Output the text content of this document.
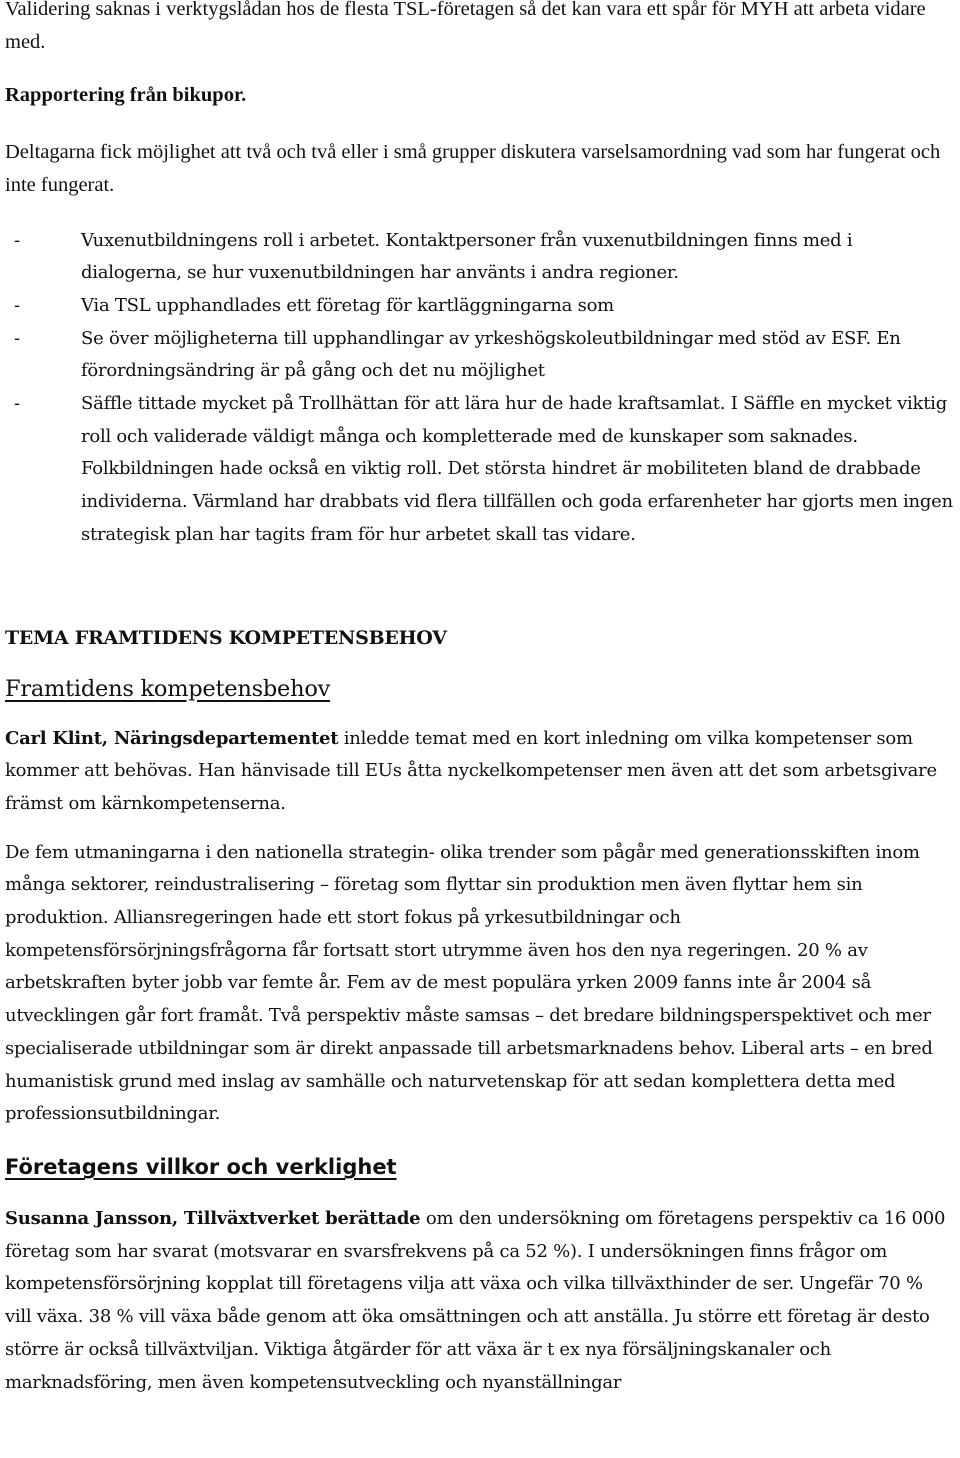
Validering saknas i verktygslådan hos de flesta TSL-företagen så det kan vara ett spår för MYH att arbeta vidare med.

Rapportering från bikupor.

Deltagarna fick möjlighet att två och två eller i små grupper diskutera varselsamordning vad som har fungerat och inte fungerat.

-	Vuxenutbildningens roll i arbetet. Kontaktpersoner från vuxenutbildningen finns med i dialogerna, se hur vuxenutbildningen har använts i andra regioner.
-	Via TSL upphandlades ett företag för kartläggningarna som
-	Se över möjligheterna till upphandlingar av yrkeshögskoleutbildningar med stöd av ESF. En förordningsändring är på gång och det nu möjlighet
-	Säffle tittade mycket på Trollhättan för att lära hur de hade kraftsamlat. I Säffle en mycket viktig roll och validerade väldigt många och kompletterade med de kunskaper som saknades. Folkbildningen hade också en viktig roll. Det största hindret är mobiliteten bland de drabbade individerna. Värmland har drabbats vid flera tillfällen och goda erfarenheter har gjorts men ingen strategisk plan har tagits fram för hur arbetet skall tas vidare.

TEMA FRAMTIDENS KOMPETENSBEHOV

Framtidens kompetensbehov

Carl Klint, Näringsdepartementet inledde temat med en kort inledning om vilka kompetenser som kommer att behövas. Han hänvisade till EUs åtta nyckelkompetenser men även att det som arbetsgivare främst om kärnkompetenserna.

De fem utmaningarna i den nationella strategin- olika trender som pågår med generationsskiften inom många sektorer, reindustralisering – företag som flyttar sin produktion men även flyttar hem sin produktion. Alliansregeringen hade ett stort fokus på yrkesutbildningar och kompetensförsörjningsfrågorna får fortsatt stort utrymme även hos den nya regeringen. 20 % av arbetskraften byter jobb var femte år. Fem av de mest populära yrken 2009 fanns inte år 2004 så utvecklingen går fort framåt. Två perspektiv måste samsas – det bredare bildningsperspektivet och mer specialiserade utbildningar som är direkt anpassade till arbetsmarknadens behov. Liberal arts – en bred humanistisk grund med inslag av samhälle och naturvetenskap för att sedan komplettera detta med professionsutbildningar.

Företagens villkor och verklighet

Susanna Jansson, Tillväxtverket berättade om den undersökning om företagens perspektiv ca 16 000 företag som har svarat (motsvarar en svarsfrekvens på ca 52 %). I undersökningen finns frågor om kompetensförsörjning kopplat till företagens vilja att växa och vilka tillväxthinder de ser. Ungefär 70 % vill växa. 38 % vill växa både genom att öka omsättningen och att anställa. Ju större ett företag är desto större är också tillväxtviljan. Viktiga åtgärder för att växa är t ex nya försäljningskanaler och marknadsföring, men även kompetensutveckling och nyanställningar
